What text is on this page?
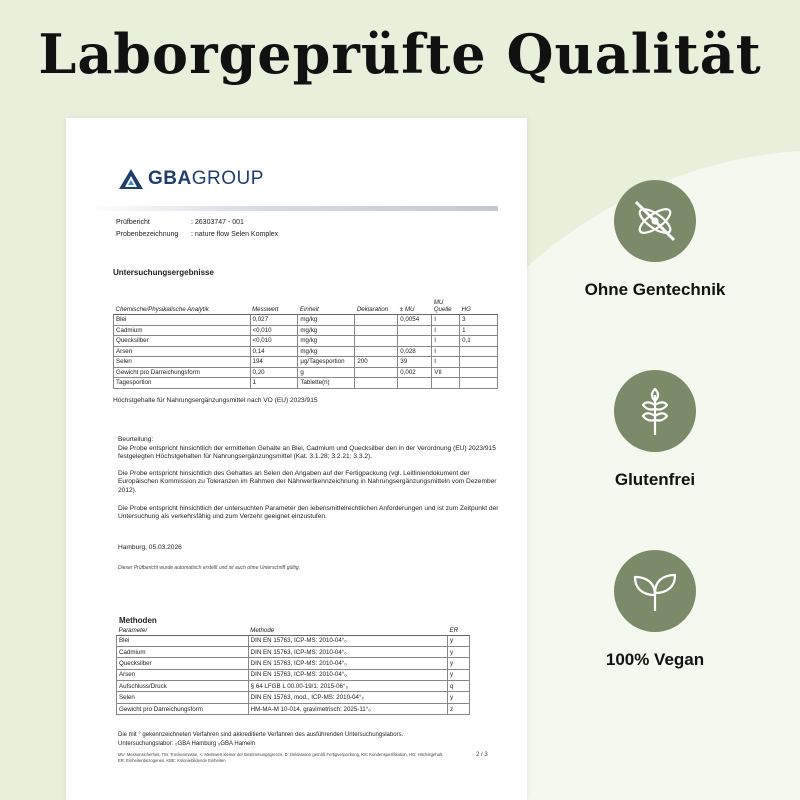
Laborgeprüfte Qualität
GBAGROUP
Prüfbericht	: 26303747 - 001
Probenbezeichnung	: nature flow Selen Komplex
Untersuchungsergebnisse
Chemische/Physikalische Analytik	Messwert	Einheit	Deklaration	± MU	MU Quelle	HG
Blei	0,027	mg/kg		0,0054	I	3
Cadmium	<0,010	mg/kg			I	1
Quecksilber	<0,010	mg/kg			I	0,1
Arsen	0,14	mg/kg		0,028	I	
Selen	194	µg/Tagesportion	200	39	I	
Gewicht pro Darreichungsform	0,20	g		0,002	VII	
Tagesportion	1	Tablette(n)				
Höchstgehalte für Nahrungsergänzungsmittel nach VO (EU) 2023/915
Beurteilung:
Die Probe entspricht hinsichtlich der ermittelten Gehalte an Blei, Cadmium und Quecksilber den in der Verordnung (EU) 2023/915 festgelegten Höchstgehalten für Nahrungsergänzungsmittel (Kat. 3.1.28; 3.2.21; 3.3.2).
Die Probe entspricht hinsichtlich des Gehaltes an Selen den Angaben auf der Fertigpackung (vgl. Leitliniendokument der Europäischen Kommission zu Toleranzen im Rahmen der Nährwertkennzeichnung in Nahrungsergänzungsmitteln vom Dezember 2012).
Die Probe entspricht hinsichtlich der untersuchten Parameter den lebensmittelrechtlichen Anforderungen und ist zum Zeitpunkt der Untersuchung als verkehrsfähig und zum Verzehr geeignet einzustufen.
Hamburg, 05.03.2026
Dieser Prüfbericht wurde automatisch erstellt und ist auch ohne Unterschrift gültig.
Methoden
Parameter	Methode	ER
Blei	DIN EN 15763, ICP-MS: 2010-04°₀	y
Cadmium	DIN EN 15763, ICP-MS: 2010-04°₀	y
Quecksilber	DIN EN 15763, ICP-MS: 2010-04°₀	y
Arsen	DIN EN 15763, ICP-MS: 2010-04°₀	y
Aufschluss/Druck	§ 64 LFGB L 00.00-19/1: 2015-06°₀	q
Selen	DIN EN 15763, mod., ICP-MS: 2010-04°₀	y
Gewicht pro Darreichungsform	HM-MA-M 10-014, gravimetrisch: 2025-11°₀	z
Die mit ° gekennzeichneten Verfahren sind akkreditierte Verfahren des ausführenden Untersuchungslabors.
Untersuchungslabor: ₀GBA Hamburg ₀GBA Hameln
MU: Messunsicherheit, TM: Trockenmasse, <: Messwert kleiner der Bestimmungsgrenze, D: Deklaration gemäß Fertigverpackung, KS: Kundenspezifikation, HG: Höchstgehalt, ER: Einheitenbezogenes, KBE: Koloniebildende Einheiten
2 / 3
Ohne Gentechnik
Glutenfrei
100% Vegan
